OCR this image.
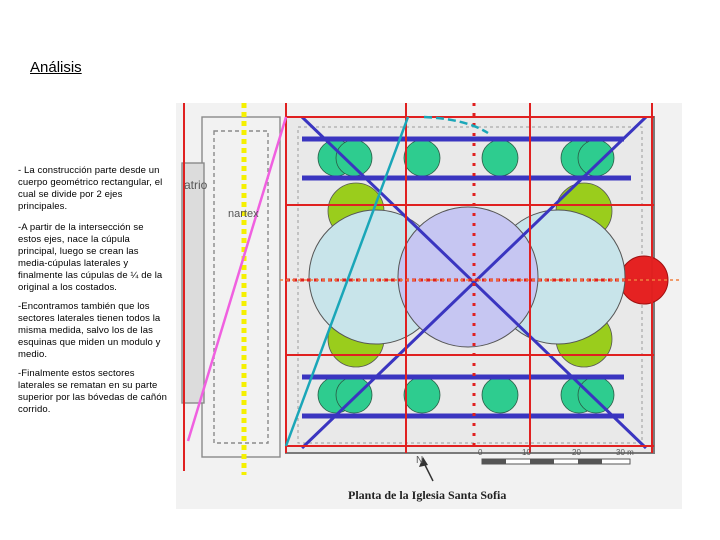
Análisis

- La construcción parte desde un cuerpo geométrico rectangular, el cual se divide por 2 ejes principales.

-A partir de la intersección se estos ejes, nace la cúpula principal, luego se crean las media-cúpulas laterales y finalmente las cúpulas de ¼ de la original a los costados.

-Encontramos también que los sectores laterales tienen todos la misma medida, salvo los de las esquinas que miden un modulo y medio.

-Finalmente estos sectores laterales se rematan en su parte superior por las bóvedas de cañón corrido.

atrio
nartex
N
0	10	20	30 m
Planta de la Iglesia Santa Sofia
